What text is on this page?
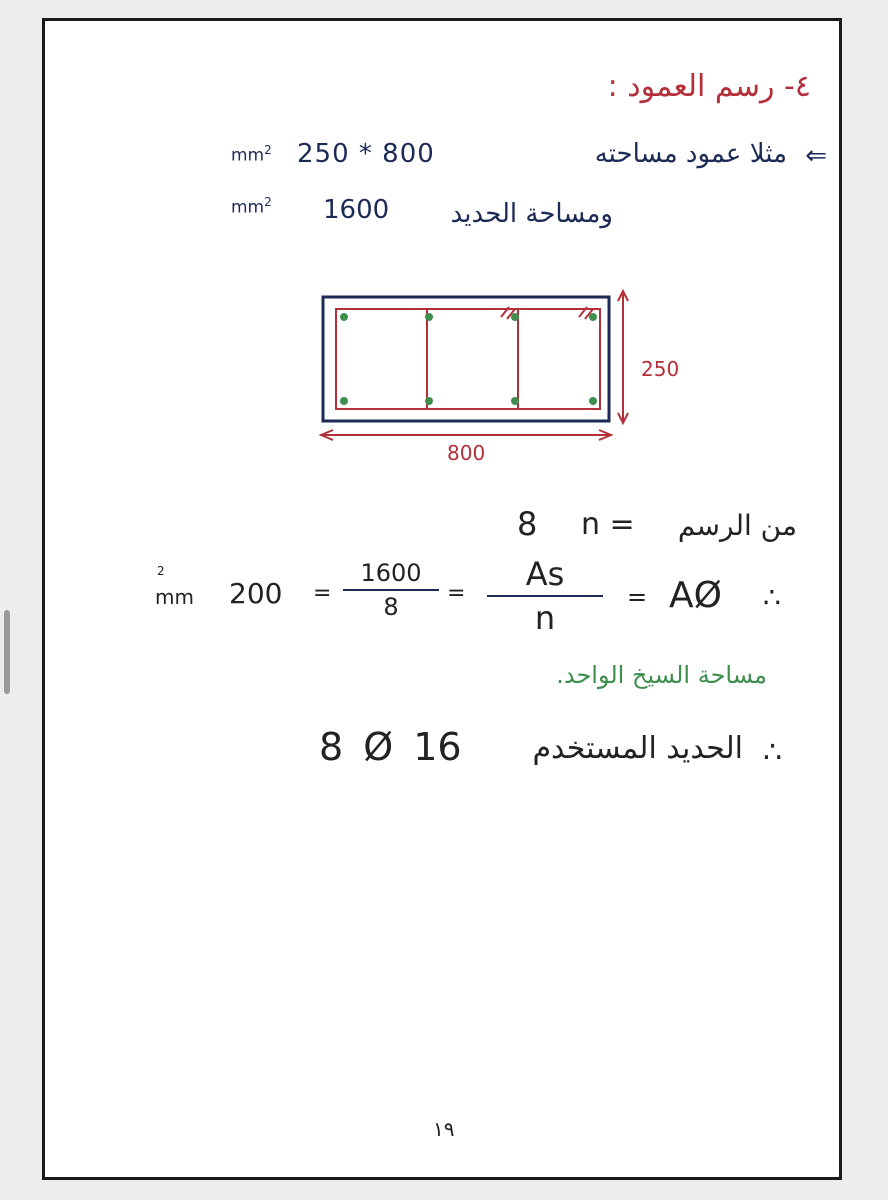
٤- رسم العمود :
⇐
مثلا عمود مساحته
250 * 800
$mm^2$
ومساحة الحديد
1600
$mm^2$
250
800
من الرسم
n =
8
∴
AØ
=
As
n
=
1600
8
=
200
2
mm
مساحة السيخ الواحد.
∴
الحديد المستخدم
8 Ø 16
١٩
